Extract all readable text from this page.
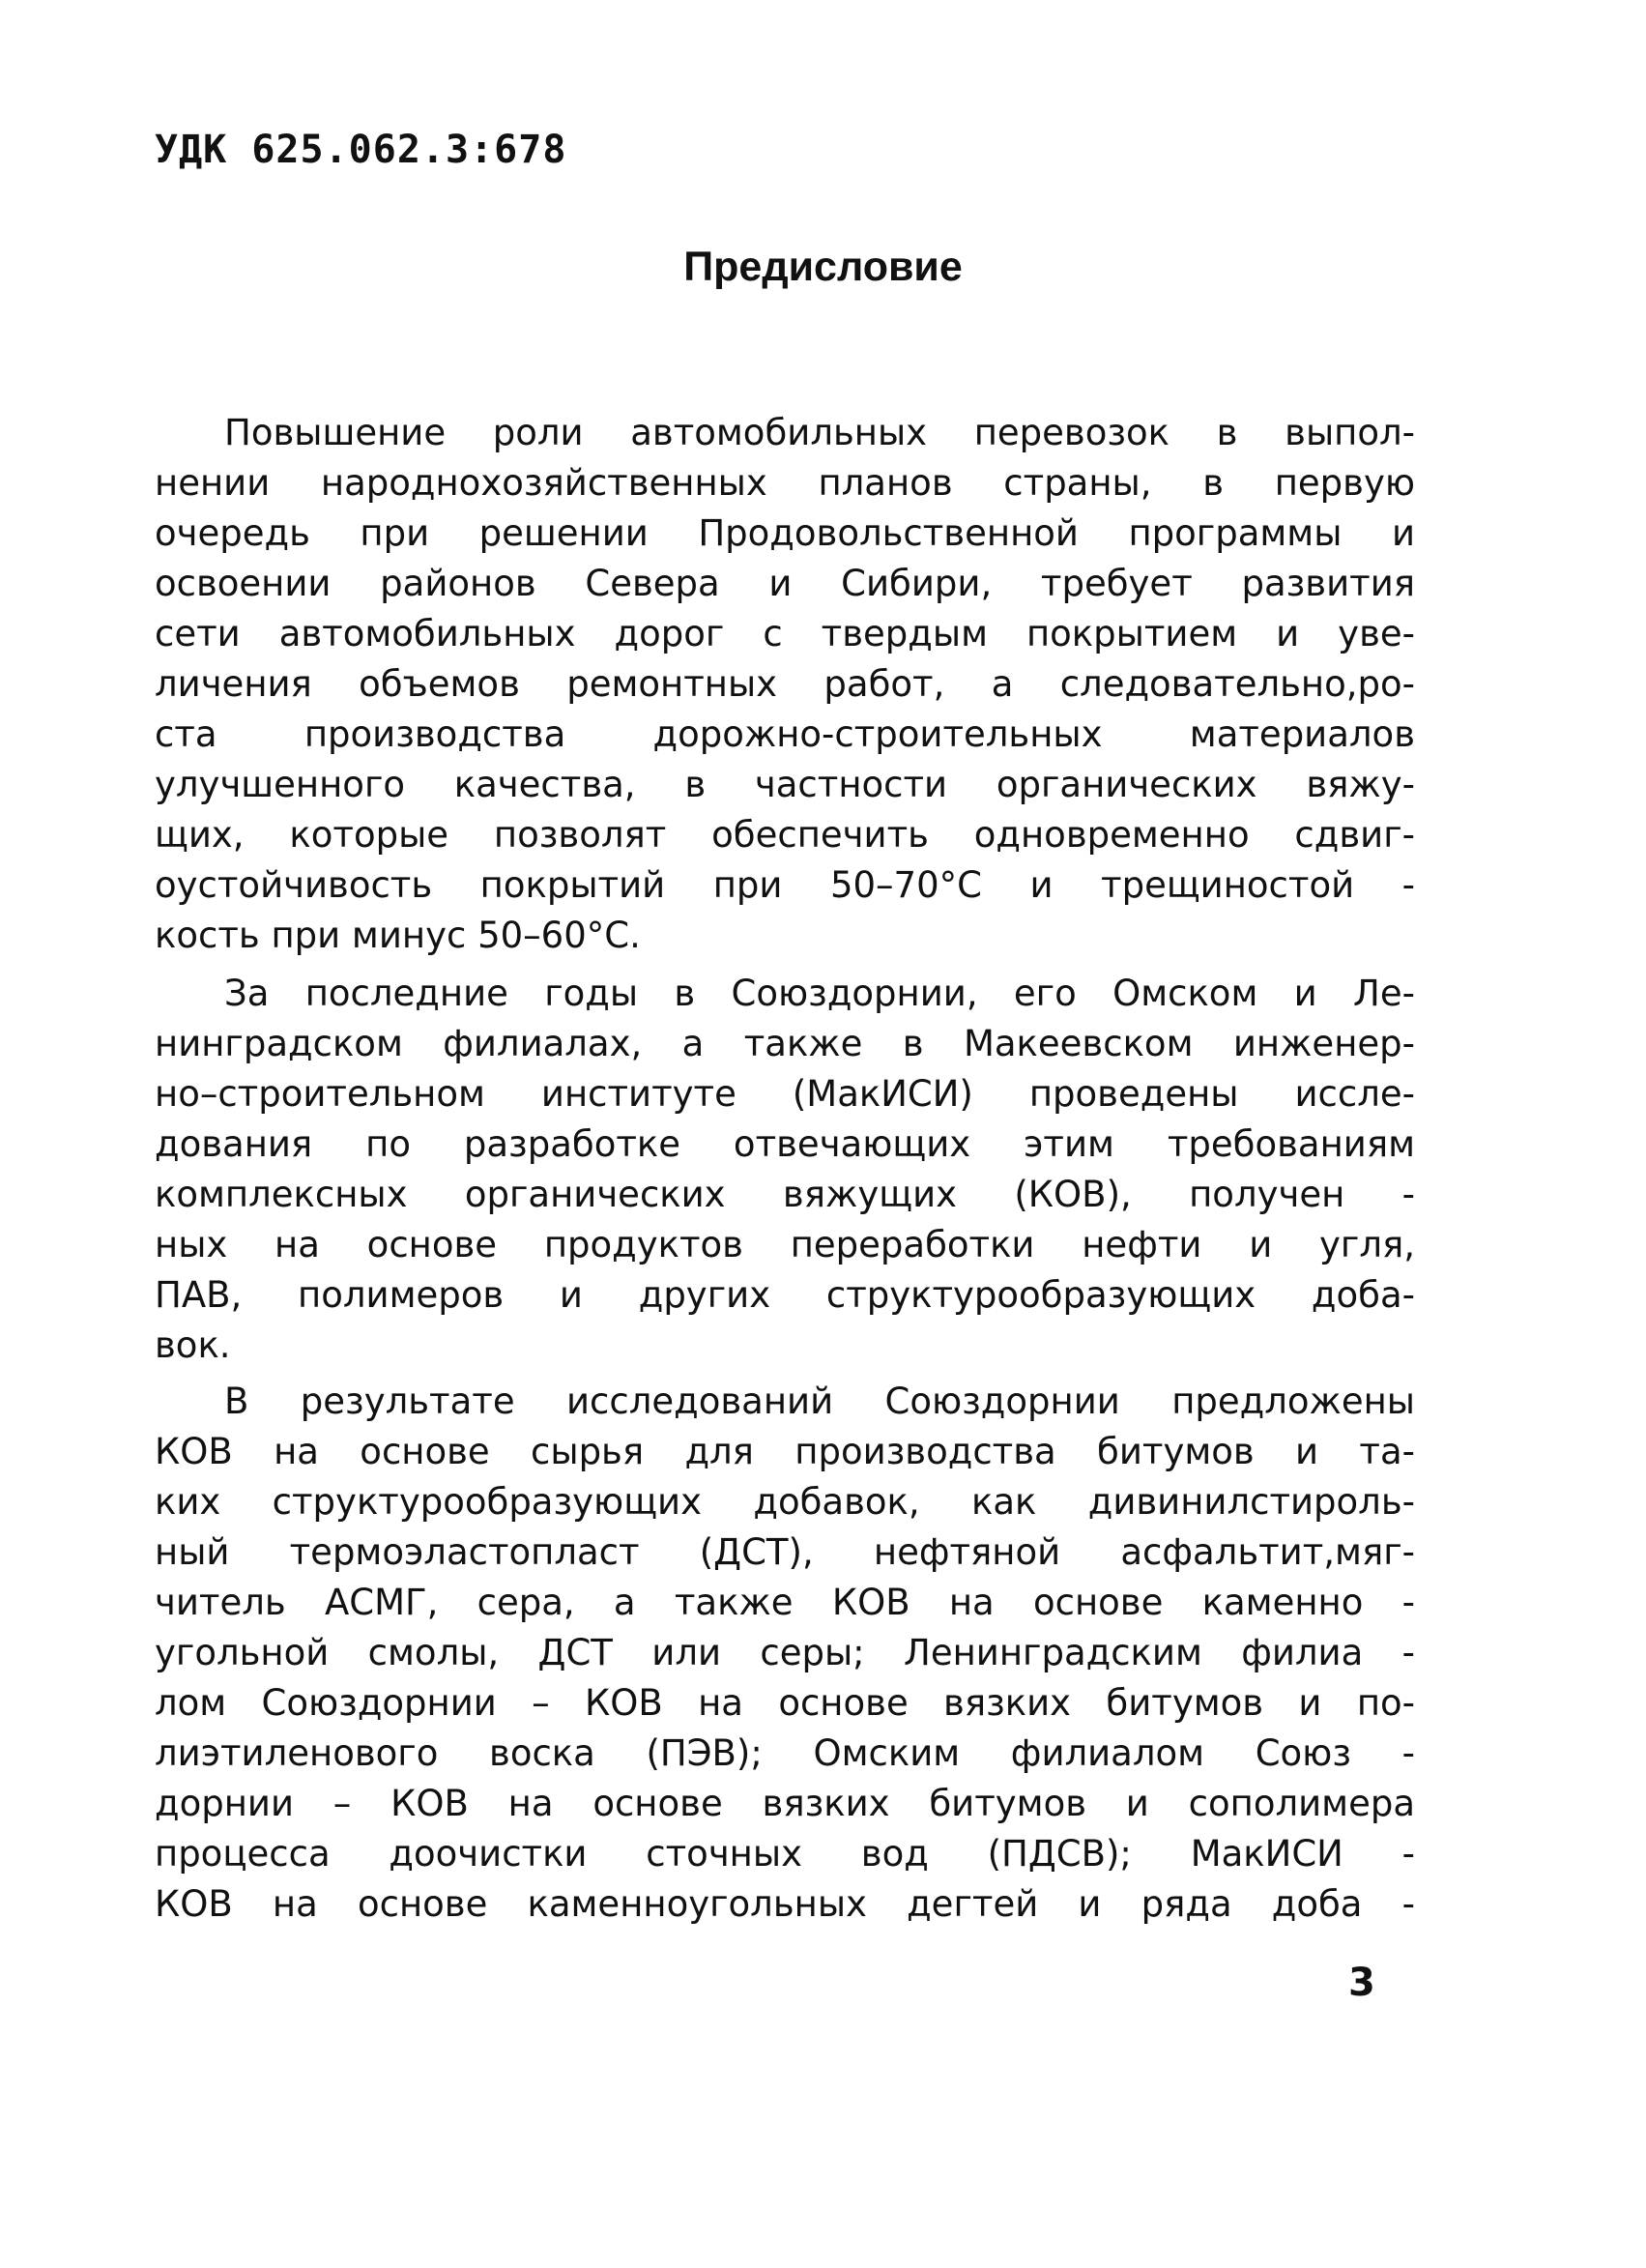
УДК 625.062.3:678
Предисловие
Повышение роли автомобильных перевозок в выпол-
нении народнохозяйственных планов страны, в первую
очередь при решении Продовольственной программы и
освоении районов Севера и Сибири, требует развития
сети автомобильных дорог с твердым покрытием и уве-
личения объемов ремонтных работ, а следовательно,ро-
ста производства дорожно-строительных материалов
улучшенного качества, в частности органических вяжу-
щих, которые позволят обеспечить одновременно сдвиг-
оустойчивость покрытий при 50–70°С и трещиностой -
кость при минус 50–60°С.
За последние годы в Союздорнии, его Омском и Ле-
нинградском филиалах, а также в Макеевском инженер-
но–строительном институте (МакИСИ) проведены иссле-
дования по разработке отвечающих этим требованиям
комплексных органических вяжущих (КОВ), получен -
ных на основе продуктов переработки нефти и угля,
ПАВ, полимеров и других структурообразующих доба-
вок.
В результате исследований Союздорнии предложены
КОВ на основе сырья для производства битумов и та-
ких структурообразующих добавок, как дивинилстироль-
ный термоэластопласт (ДСТ), нефтяной асфальтит,мяг-
читель АСМГ, сера, а также КОВ на основе каменно -
угольной смолы, ДСТ или серы; Ленинградским филиа -
лом Союздорнии – КОВ на основе вязких битумов и по-
лиэтиленового воска (ПЭВ); Омским филиалом Союз -
дорнии – КОВ на основе вязких битумов и сополимера
процесса доочистки сточных вод (ПДСВ); МакИСИ -
КОВ на основе каменноугольных дегтей и ряда доба -
3
